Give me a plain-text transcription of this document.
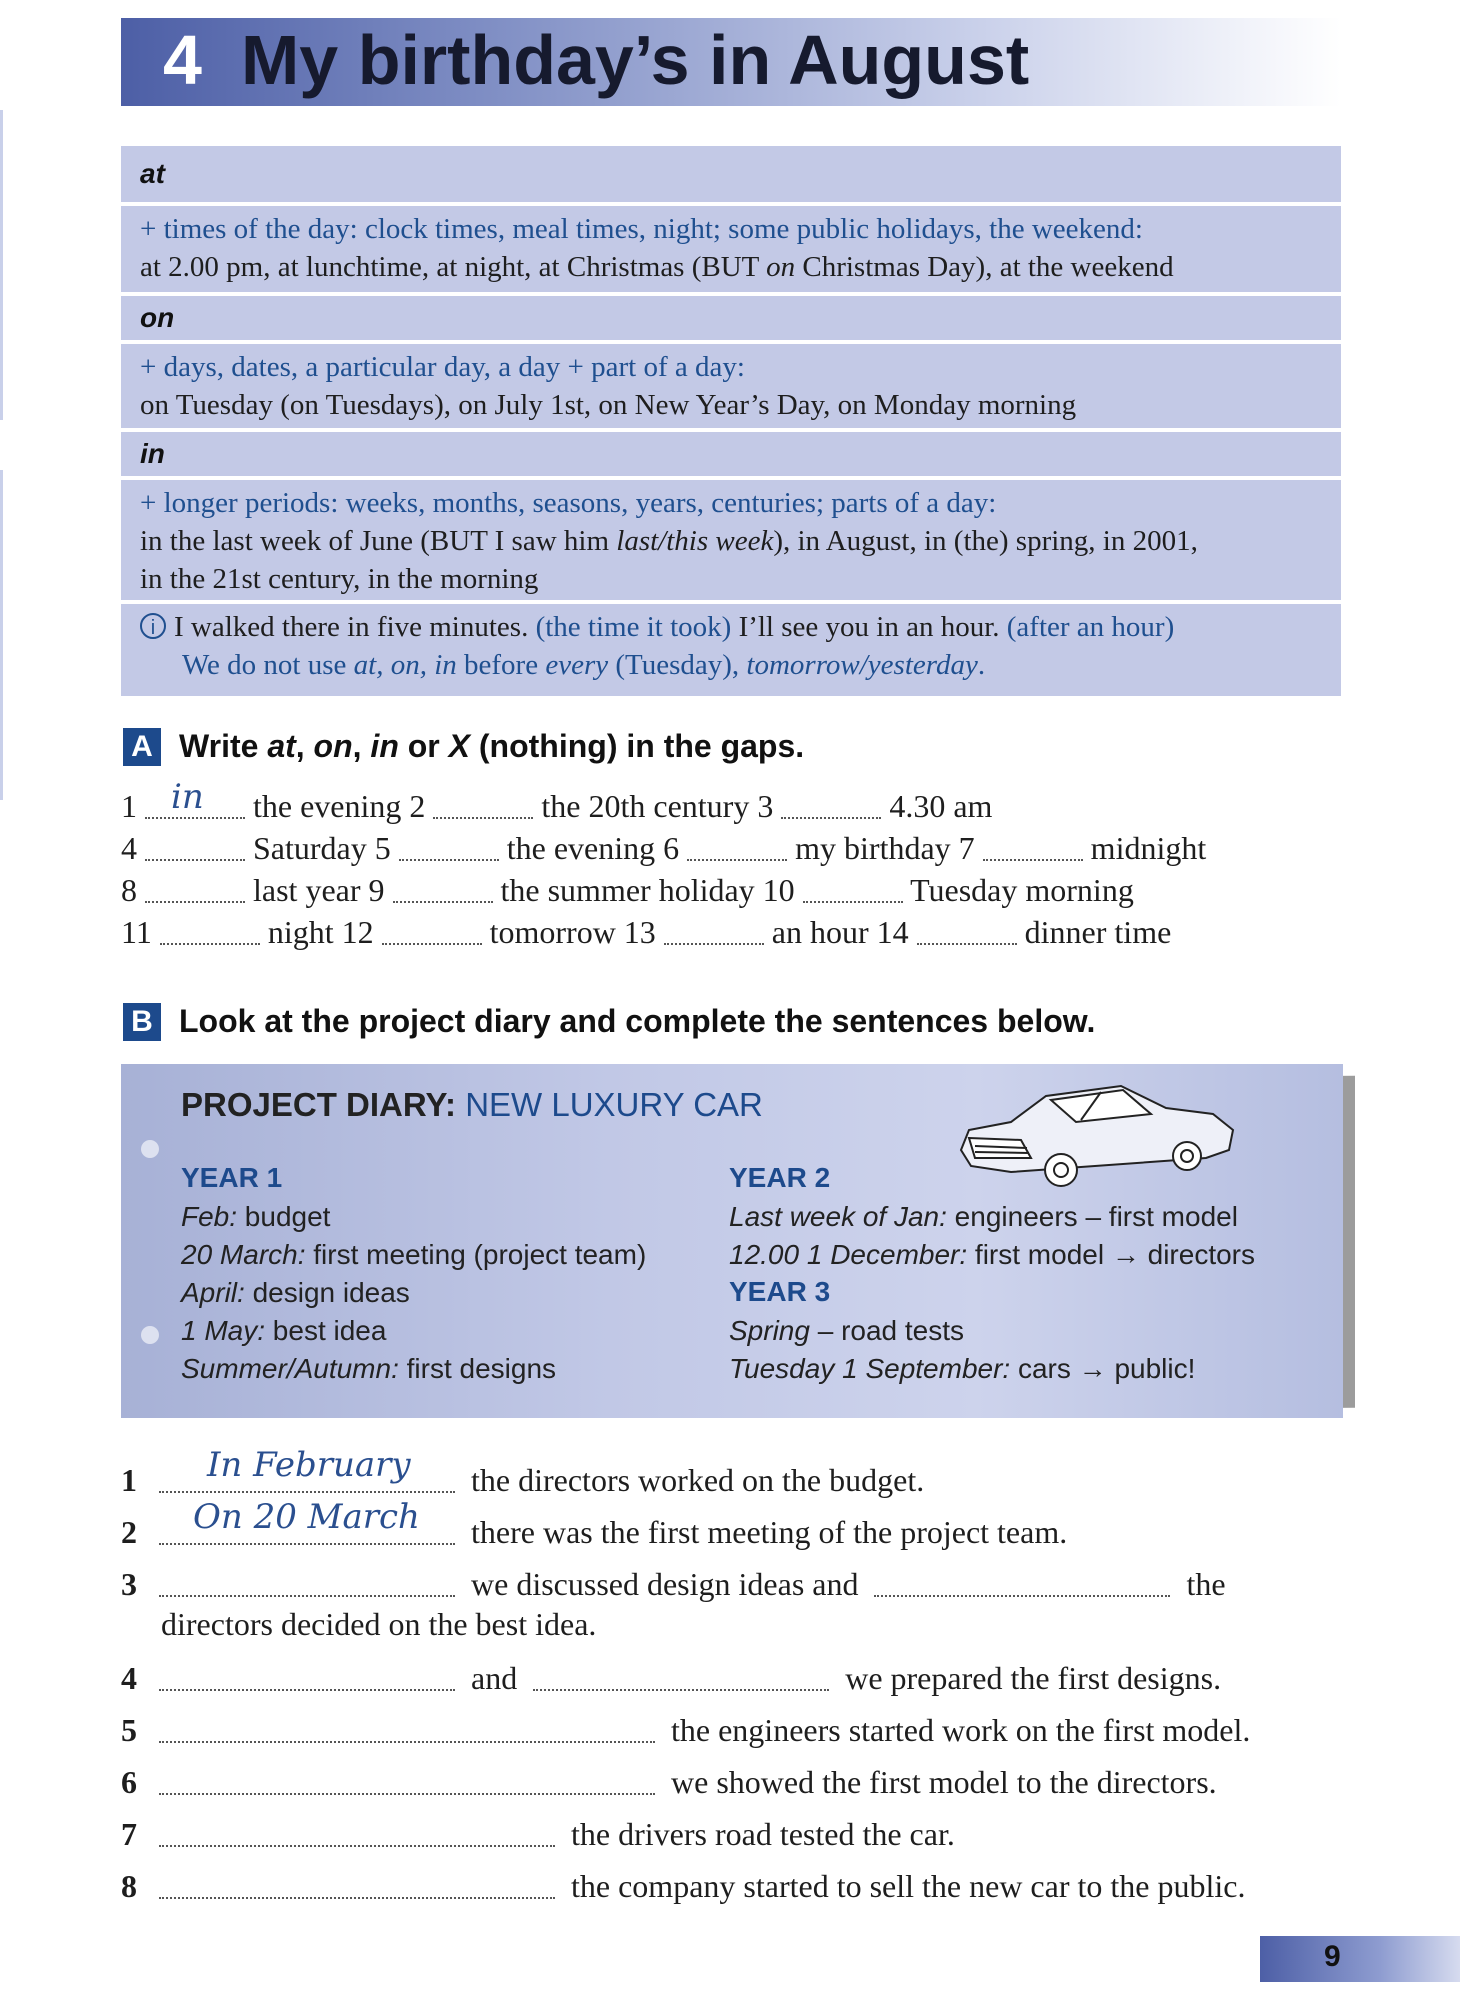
4 My birthday’s in August
at
+ times of the day: clock times, meal times, night; some public holidays, the weekend:
at 2.00 pm, at lunchtime, at night, at Christmas (BUT on Christmas Day), at the weekend
on
+ days, dates, a particular day, a day + part of a day:
on Tuesday (on Tuesdays), on July 1st, on New Year’s Day, on Monday morning
in
+ longer periods: weeks, months, seasons, years, centuries; parts of a day:
in the last week of June (BUT I saw him last/this week), in August, in (the) spring, in 2001,
in the 21st century, in the morning
i I walked there in five minutes. (the time it took) I’ll see you in an hour. (after an hour)
We do not use at, on, in before every (Tuesday), tomorrow/yesterday.
A Write at, on, in or X (nothing) in the gaps.
1 in the evening 2	the 20th century 3	4.30 am
4	Saturday 5	the evening 6	my birthday 7	midnight
8	last year 9	the summer holiday 10	Tuesday morning
11	night 12	tomorrow 13	an hour 14	dinner time
B Look at the project diary and complete the sentences below.
PROJECT DIARY: NEW LUXURY CAR
YEAR 1
Feb: budget
20 March: first meeting (project team)
April: design ideas
1 May: best idea
Summer/Autumn: first designs
YEAR 2
Last week of Jan: engineers – first model
12.00 1 December: first model → directors
YEAR 3
Spring – road tests
Tuesday 1 September: cars → public!
1 In February the directors worked on the budget.
2 On 20 March there was the first meeting of the project team.
3	we discussed design ideas and	the
directors decided on the best idea.
4	and	we prepared the first designs.
5	the engineers started work on the first model.
6	we showed the first model to the directors.
7	the drivers road tested the car.
8	the company started to sell the new car to the public.
9
